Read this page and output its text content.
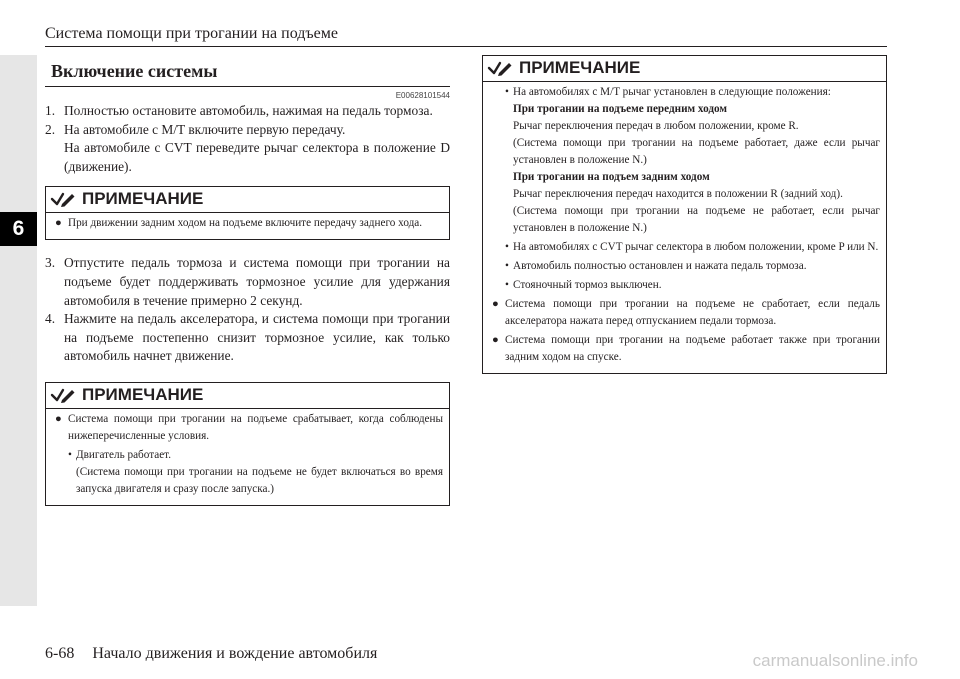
6
Система помощи при трогании на подъеме
Включение системы
E00628101544
1. Полностью остановите автомобиль, нажимая на педаль тормоза.

2. На автомобиле с M/T включите первую передачу.

На автомобиле с CVT переведите рычаг селектора в положение D (движение).

ПРИМЕЧАНИЕ
● При движении задним ходом на подъеме включите передачу заднего хода.
3. Отпустите педаль тормоза и система помощи при трогании на подъеме будет поддерживать тормозное усилие для удержания автомобиля в течение примерно 2 секунд.

4. Нажмите на педаль акселератора, и система помощи при трогании на подъеме постепенно снизит тормозное усилие, как только автомобиль начнет движение.

ПРИМЕЧАНИЕ
● Система помощи при трогании на подъеме срабатывает, когда соблюдены нижеперечисленные условия.
• Двигатель работает.

(Система помощи при трогании на подъеме не будет включаться во время запуска двигателя и сразу после запуска.)

ПРИМЕЧАНИЕ
• На автомобилях с M/T рычаг установлен в следующие положения:

При трогании на подъеме передним ходом

Рычаг переключения передач в любом положении, кроме R.

(Система помощи при трогании на подъеме работает, даже если рычаг установлен в положение N.)

При трогании на подъем задним ходом

Рычаг переключения передач находится в положении R (задний ход).

(Система помощи при трогании на подъеме не работает, если рычаг установлен в положение N.)

• На автомобилях с CVT рычаг селектора в любом положении, кроме P или N.
• Автомобиль полностью остановлен и нажата педаль тормоза.
• Стояночный тормоз выключен.
● Система помощи при трогании на подъеме не сработает, если педаль акселератора нажата перед отпусканием педали тормоза.
● Система помощи при трогании на подъеме работает также при трогании задним ходом на спуске.
6-68 Начало движения и вождение автомобиля	carmanualsonline.info
